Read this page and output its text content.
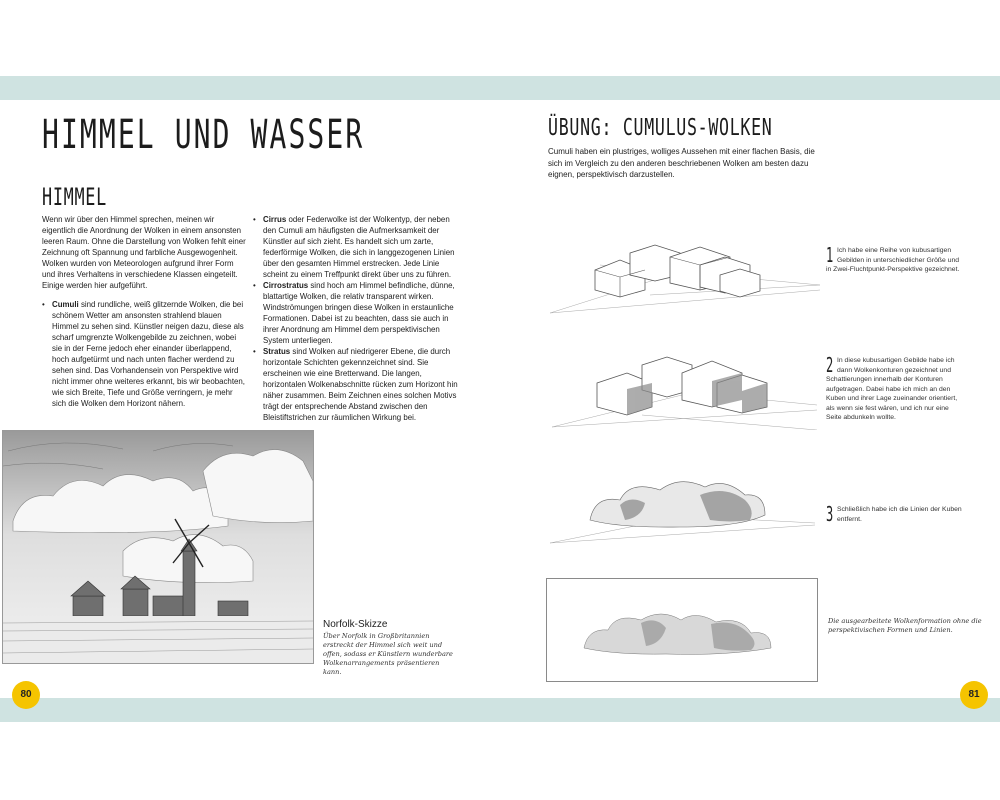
HIMMEL UND WASSER
HIMMEL

Wenn wir über den Himmel sprechen, meinen wir eigentlich die Anordnung der Wolken in einem ansonsten leeren Raum. Ohne die Darstellung von Wolken fehlt einer Zeichnung oft Spannung und farbliche Ausgewogenheit. Wolken wurden von Meteorologen aufgrund ihrer Form und ihres Verhaltens in verschiedene Klassen eingeteilt. Einige werden hier aufgeführt.

• Cumuli sind rundliche, weiß glitzernde Wolken, die bei schönem Wetter am ansonsten strahlend blauen Himmel zu sehen sind. Künstler neigen dazu, diese als scharf umgrenzte Wolkengebilde zu zeichnen, wobei sie in der Ferne jedoch eher einander überlappend, hoch aufgetürmt und nach unten flacher werdend zu sehen sind. Das Vorhandensein von Perspektive wird nicht immer ohne weiteres erkannt, bis wir beobachten, wie sich Breite, Tiefe und Größe verringern, je mehr sich die Wolken dem Horizont nähern.
• Cirrus oder Federwolke ist der Wolkentyp, der neben den Cumuli am häufigsten die Aufmerksamkeit der Künstler auf sich zieht. Es handelt sich um zarte, federförmige Wolken, die sich in langgezogenen Linien über den gesamten Himmel erstrecken. Jede Linie scheint zu einem Treffpunkt direkt über uns zu führen.
• Cirrostratus sind hoch am Himmel befindliche, dünne, blattartige Wolken, die relativ transparent wirken. Windströmungen bringen diese Wolken in erstaunliche Formationen. Dabei ist zu beachten, dass sie auch in ihrer Anordnung am Himmel dem perspektivischen System unterliegen.
• Stratus sind Wolken auf niedrigerer Ebene, die durch horizontale Schichten gekennzeichnet sind. Sie erscheinen wie eine Bretterwand. Die langen, horizontalen Wolkenabschnitte rücken zum Horizont hin näher zusammen. Beim Zeichnen eines solchen Motivs trägt der entsprechende Abstand zwischen den Bleistiftstrichen zur räumlichen Wirkung bei.
Norfolk-Skizze
Über Norfolk in Großbritannien erstreckt der Himmel sich weit und offen, sodass er Künstlern wunderbare Wolkenarrangements präsentieren kann.
80
ÜBUNG: CUMULUS-WOLKEN
Cumuli haben ein plustriges, wolliges Aussehen mit einer flachen Basis, die sich im Vergleich zu den anderen beschriebenen Wolken am besten dazu eignen, perspektivisch darzustellen.
1 Ich habe eine Reihe von kubusartigen Gebilden in unterschiedlicher Größe und in Zwei-Fluchtpunkt-Perspektive gezeichnet.
2 In diese kubusartigen Gebilde habe ich dann Wolkenkonturen gezeichnet und Schattierungen innerhalb der Konturen aufgetragen. Dabei habe ich mich an den Kuben und ihrer Lage zueinander orientiert, als wenn sie fest wären, und ich nur eine Seite abdunkeln wollte.
3 Schließlich habe ich die Linien der Kuben entfernt.
Die ausgearbeitete Wolkenformation ohne die perspektivischen Formen und Linien.
81
